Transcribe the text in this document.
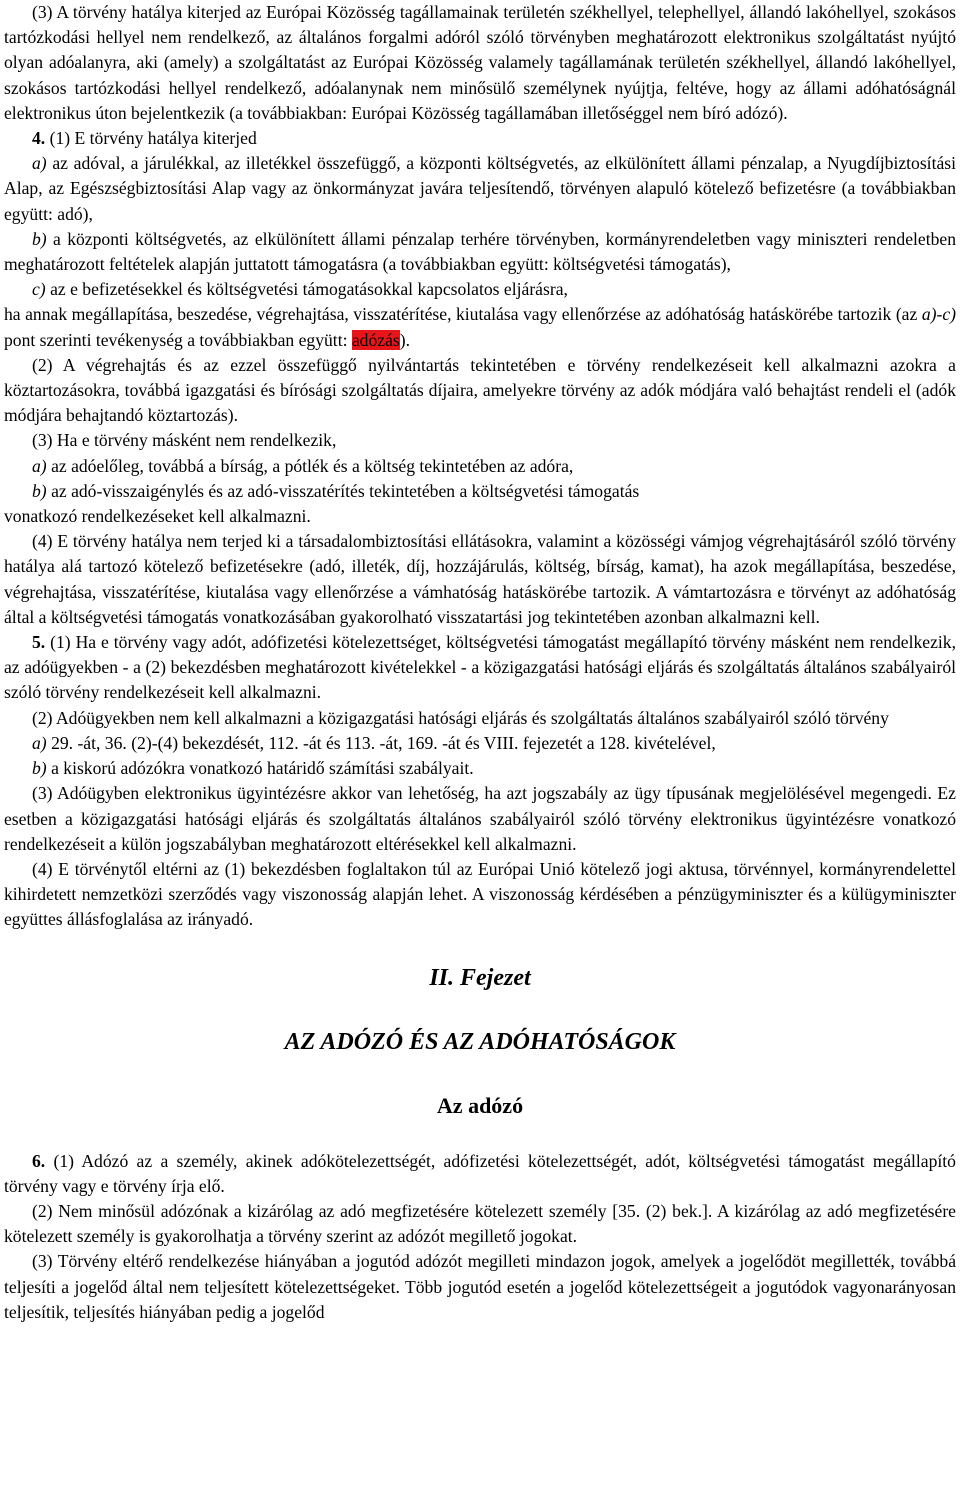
(3) A törvény hatálya kiterjed az Európai Közösség tagállamainak területén székhellyel, telephellyel, állandó lakóhellyel, szokásos tartózkodási hellyel nem rendelkező, az általános forgalmi adóról szóló törvényben meghatározott elektronikus szolgáltatást nyújtó olyan adóalanyra, aki (amely) a szolgáltatást az Európai Közösség valamely tagállamának területén székhellyel, állandó lakóhellyel, szokásos tartózkodási hellyel rendelkező, adóalanynak nem minősülő személynek nyújtja, feltéve, hogy az állami adóhatóságnál elektronikus úton bejelentkezik (a továbbiakban: Európai Közösség tagállamában illetőséggel nem bíró adózó).

4. (1) E törvény hatálya kiterjed

a) az adóval, a járulékkal, az illetékkel összefüggő, a központi költségvetés, az elkülönített állami pénzalap, a Nyugdíjbiztosítási Alap, az Egészségbiztosítási Alap vagy az önkormányzat javára teljesítendő, törvényen alapuló kötelező befizetésre (a továbbiakban együtt: adó),

b) a központi költségvetés, az elkülönített állami pénzalap terhére törvényben, kormányrendeletben vagy miniszteri rendeletben meghatározott feltételek alapján juttatott támogatásra (a továbbiakban együtt: költségvetési támogatás),

c) az e befizetésekkel és költségvetési támogatásokkal kapcsolatos eljárásra,

ha annak megállapítása, beszedése, végrehajtása, visszatérítése, kiutalása vagy ellenőrzése az adóhatóság hatáskörébe tartozik (az a)-c) pont szerinti tevékenység a továbbiakban együtt: adózás).

(2) A végrehajtás és az ezzel összefüggő nyilvántartás tekintetében e törvény rendelkezéseit kell alkalmazni azokra a köztartozásokra, továbbá igazgatási és bírósági szolgáltatás díjaira, amelyekre törvény az adók módjára való behajtást rendeli el (adók módjára behajtandó köztartozás).

(3) Ha e törvény másként nem rendelkezik,

a) az adóelőleg, továbbá a bírság, a pótlék és a költség tekintetében az adóra,

b) az adó-visszaigénylés és az adó-visszatérítés tekintetében a költségvetési támogatás

vonatkozó rendelkezéseket kell alkalmazni.

(4) E törvény hatálya nem terjed ki a társadalombiztosítási ellátásokra, valamint a közösségi vámjog végrehajtásáról szóló törvény hatálya alá tartozó kötelező befizetésekre (adó, illeték, díj, hozzájárulás, költség, bírság, kamat), ha azok megállapítása, beszedése, végrehajtása, visszatérítése, kiutalása vagy ellenőrzése a vámhatóság hatáskörébe tartozik. A vámtartozásra e törvényt az adóhatóság által a költségvetési támogatás vonatkozásában gyakorolható visszatartási jog tekintetében azonban alkalmazni kell.

5. (1) Ha e törvény vagy adót, adófizetési kötelezettséget, költségvetési támogatást megállapító törvény másként nem rendelkezik, az adóügyekben - a (2) bekezdésben meghatározott kivételekkel - a közigazgatási hatósági eljárás és szolgáltatás általános szabályairól szóló törvény rendelkezéseit kell alkalmazni.

(2) Adóügyekben nem kell alkalmazni a közigazgatási hatósági eljárás és szolgáltatás általános szabályairól szóló törvény

a) 29. -át, 36. (2)-(4) bekezdését, 112. -át és 113. -át, 169. -át és VIII. fejezetét a 128. kivételével,

b) a kiskorú adózókra vonatkozó határidő számítási szabályait.

(3) Adóügyben elektronikus ügyintézésre akkor van lehetőség, ha azt jogszabály az ügy típusának megjelölésével megengedi. Ez esetben a közigazgatási hatósági eljárás és szolgáltatás általános szabályairól szóló törvény elektronikus ügyintézésre vonatkozó rendelkezéseit a külön jogszabályban meghatározott eltérésekkel kell alkalmazni.

(4) E törvénytől eltérni az (1) bekezdésben foglaltakon túl az Európai Unió kötelező jogi aktusa, törvénnyel, kormányrendelettel kihirdetett nemzetközi szerződés vagy viszonosság alapján lehet. A viszonosság kérdésében a pénzügyminiszter és a külügyminiszter együttes állásfoglalása az irányadó.

II. Fejezet
AZ ADÓZÓ ÉS AZ ADÓHATÓSÁGOK
Az adózó

6. (1) Adózó az a személy, akinek adókötelezettségét, adófizetési kötelezettségét, adót, költségvetési támogatást megállapító törvény vagy e törvény írja elő.

(2) Nem minősül adózónak a kizárólag az adó megfizetésére kötelezett személy [35. (2) bek.]. A kizárólag az adó megfizetésére kötelezett személy is gyakorolhatja a törvény szerint az adózót megillető jogokat.

(3) Törvény eltérő rendelkezése hiányában a jogutód adózót megilleti mindazon jogok, amelyek a jogelődöt megillették, továbbá teljesíti a jogelőd által nem teljesített kötelezettségeket. Több jogutód esetén a jogelőd kötelezettségeit a jogutódok vagyonarányosan teljesítik, teljesítés hiányában pedig a jogelőd
